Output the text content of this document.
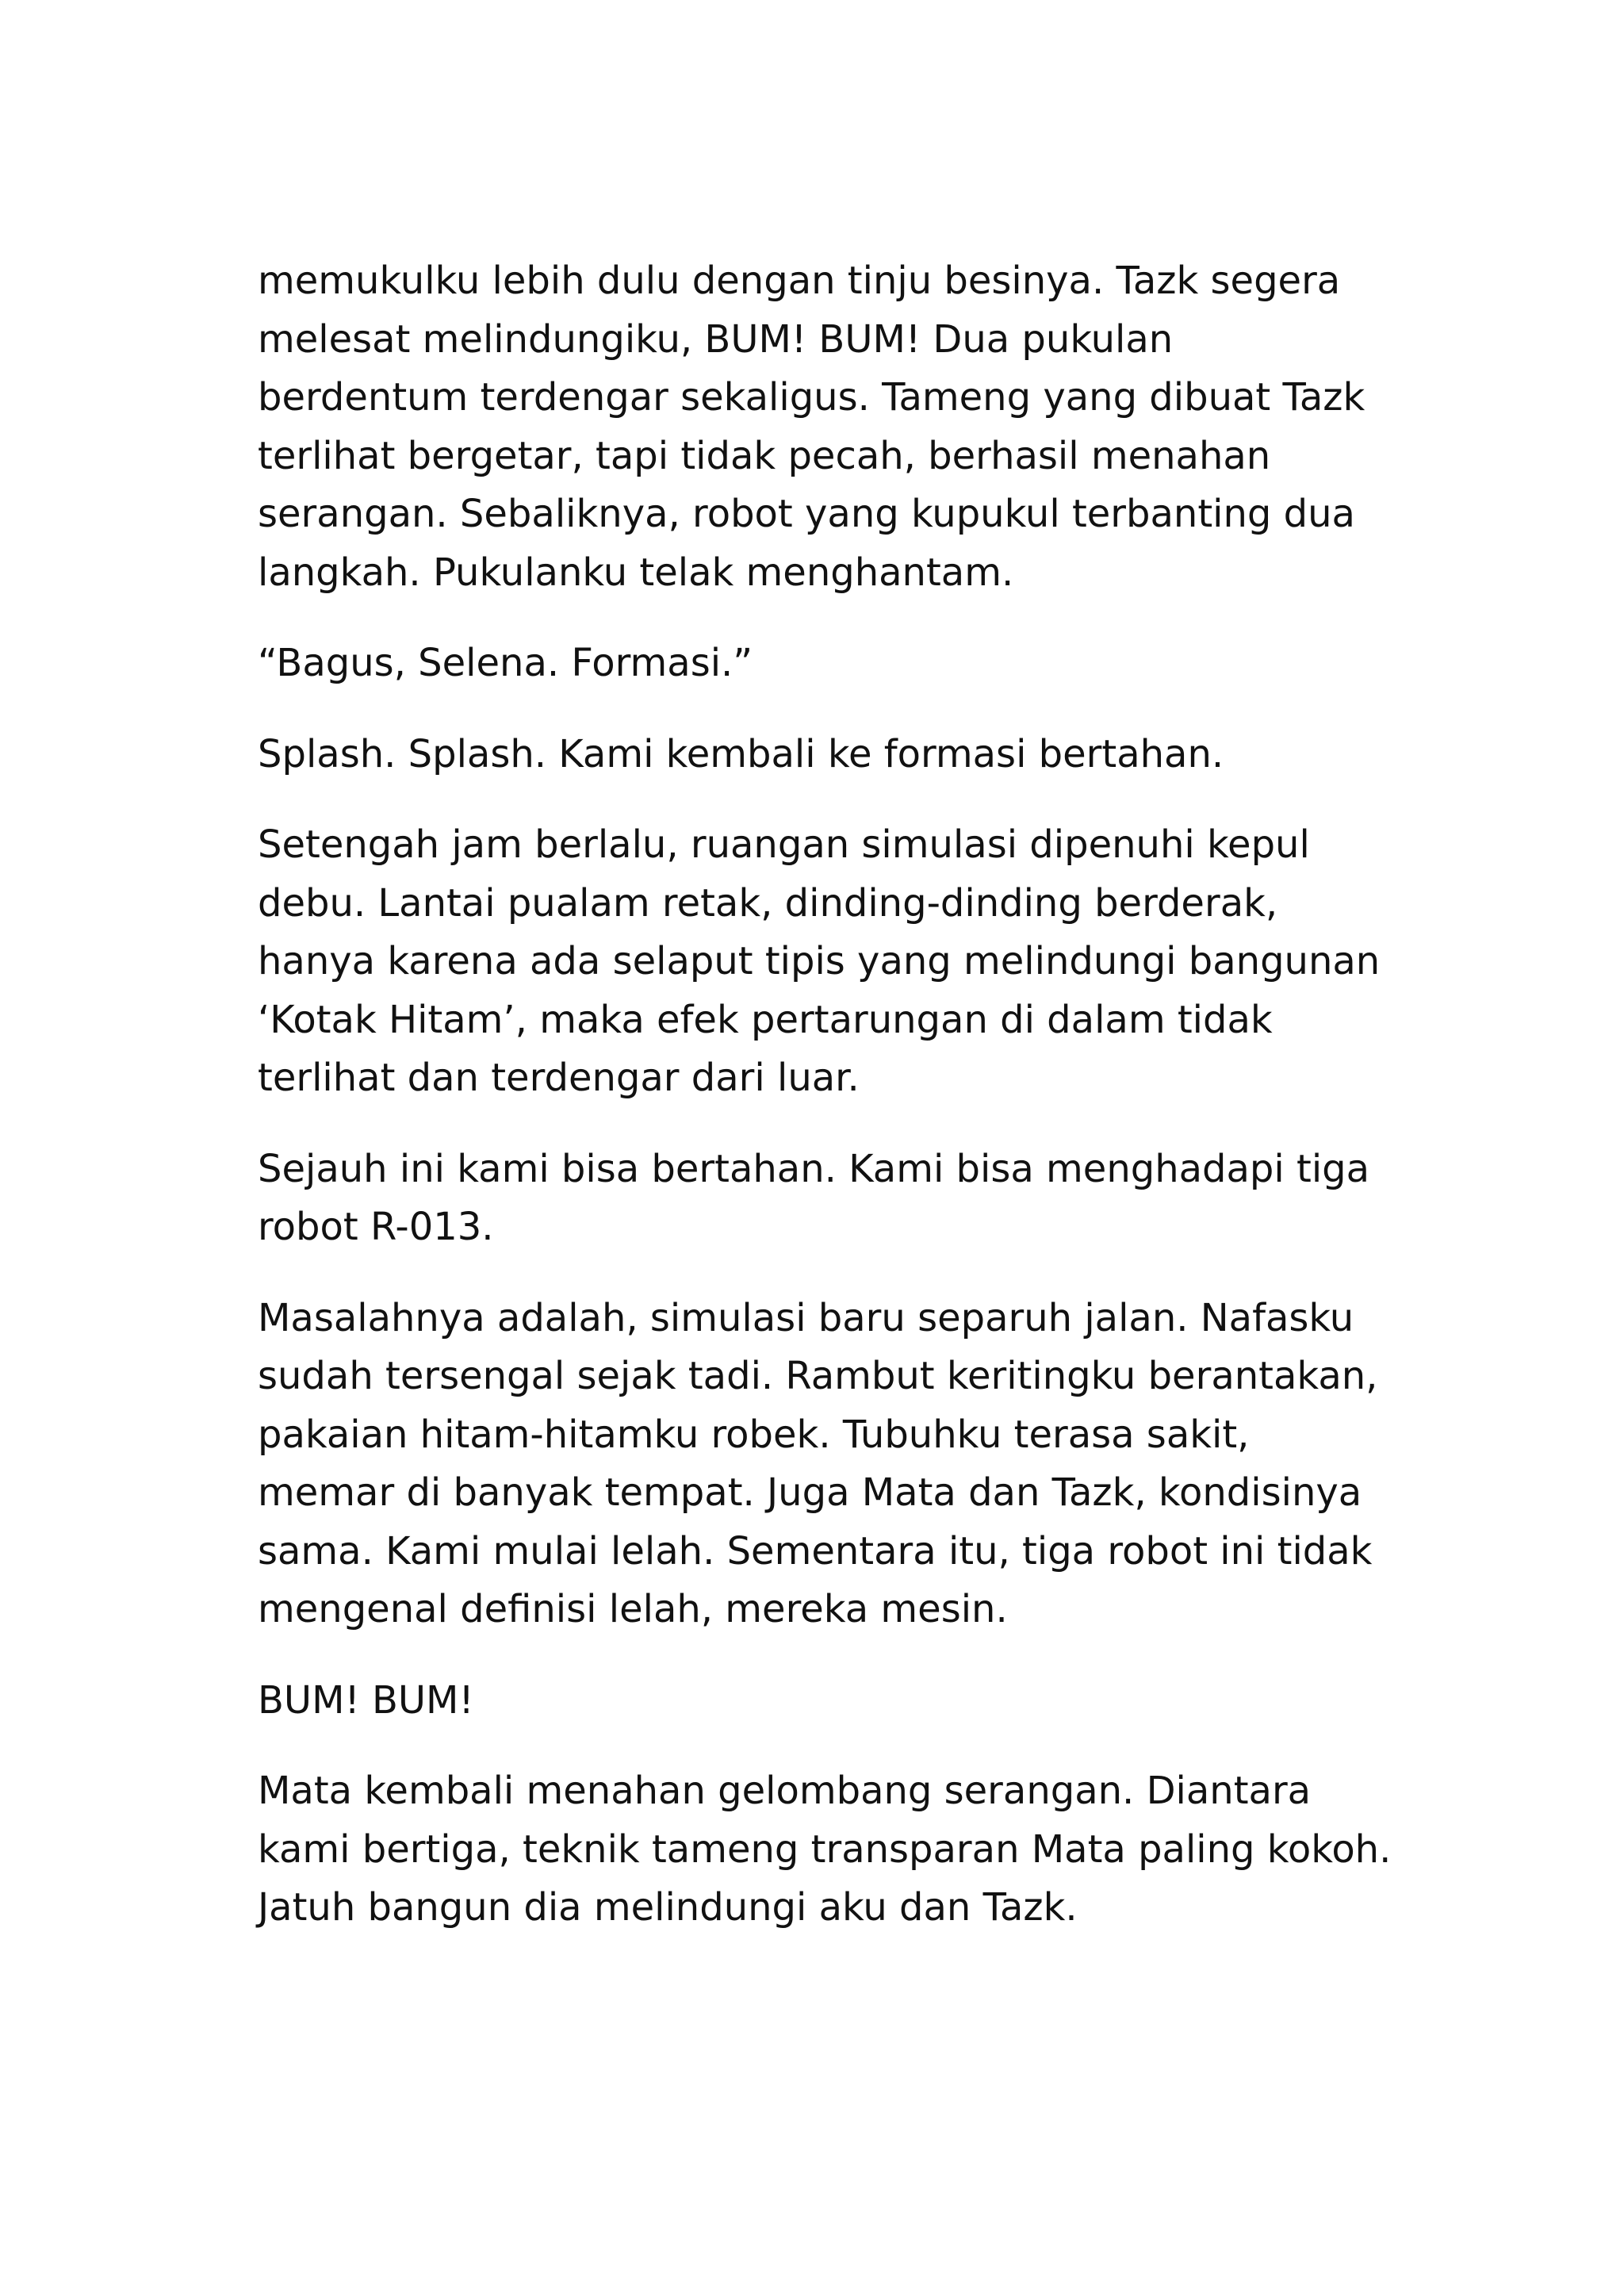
memukulku lebih dulu dengan tinju besinya. Tazk segera
melesat melindungiku, BUM! BUM! Dua pukulan
berdentum terdengar sekaligus. Tameng yang dibuat Tazk
terlihat bergetar, tapi tidak pecah, berhasil menahan
serangan. Sebaliknya, robot yang kupukul terbanting dua
langkah. Pukulanku telak menghantam.

“Bagus, Selena. Formasi.”

Splash. Splash. Kami kembali ke formasi bertahan.

Setengah jam berlalu, ruangan simulasi dipenuhi kepul
debu. Lantai pualam retak, dinding-dinding berderak,
hanya karena ada selaput tipis yang melindungi bangunan
‘Kotak Hitam’, maka efek pertarungan di dalam tidak
terlihat dan terdengar dari luar.

Sejauh ini kami bisa bertahan. Kami bisa menghadapi tiga
robot R-013.

Masalahnya adalah, simulasi baru separuh jalan. Nafasku
sudah tersengal sejak tadi. Rambut keritingku berantakan,
pakaian hitam-hitamku robek. Tubuhku terasa sakit,
memar di banyak tempat. Juga Mata dan Tazk, kondisinya
sama. Kami mulai lelah. Sementara itu, tiga robot ini tidak
mengenal definisi lelah, mereka mesin.

BUM! BUM!

Mata kembali menahan gelombang serangan. Diantara
kami bertiga, teknik tameng transparan Mata paling kokoh.
Jatuh bangun dia melindungi aku dan Tazk.
